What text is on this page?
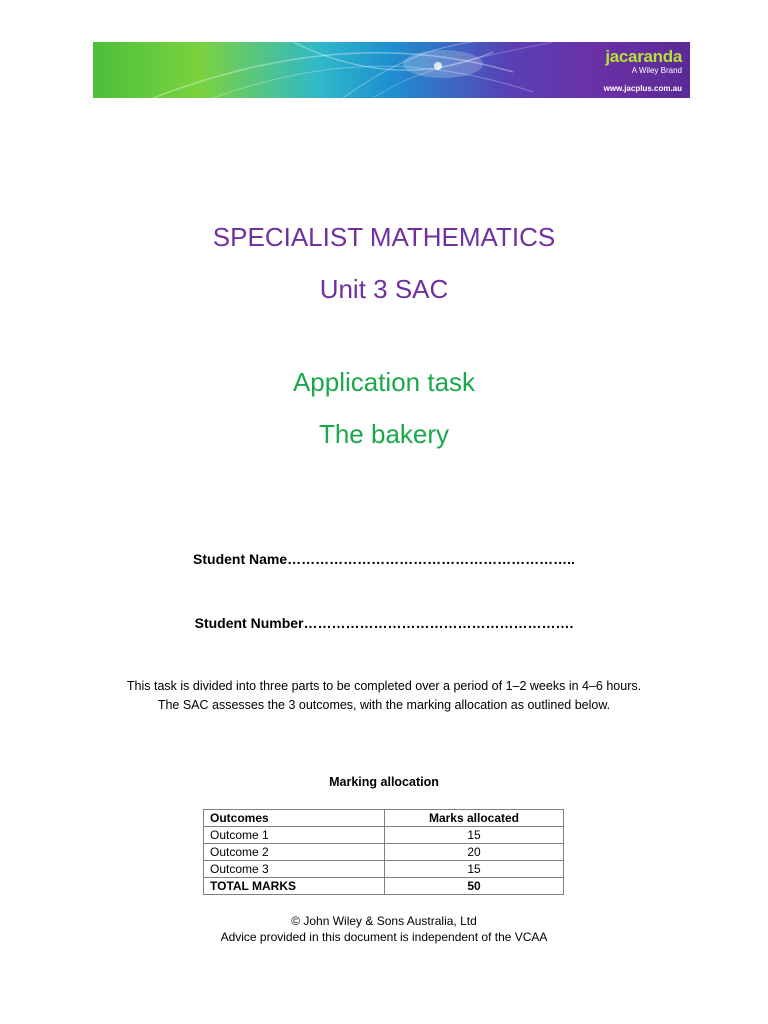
jacaranda
A Wiley Brand
www.jacplus.com.au
SPECIALIST MATHEMATICS
Unit 3 SAC
Application task
The bakery
Student Name……………………………………………………..
Student Number………………………………………………….
This task is divided into three parts to be completed over a period of 1–2 weeks in 4–6 hours.
The SAC assesses the 3 outcomes, with the marking allocation as outlined below.
Marking allocation
Outcomes	Marks allocated
Outcome 1	15
Outcome 2	20
Outcome 3	15
TOTAL MARKS	50
© John Wiley & Sons Australia, Ltd
Advice provided in this document is independent of the VCAA
